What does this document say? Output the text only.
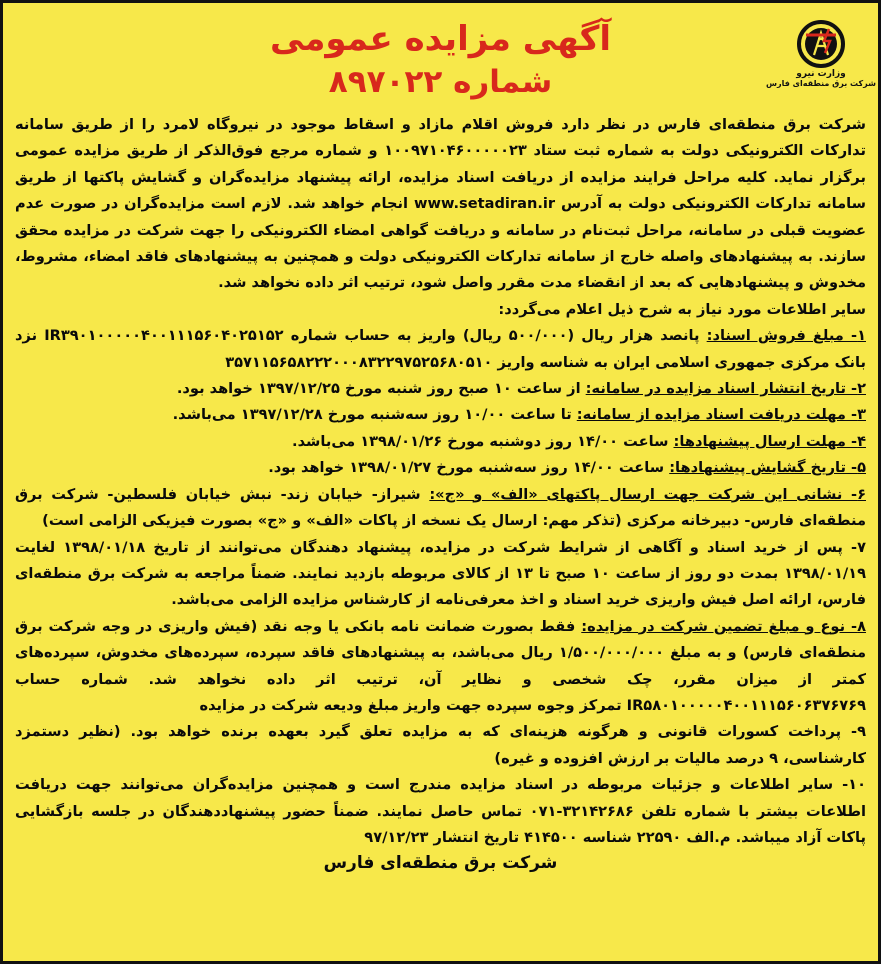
وزارت نیرو
شرکت برق منطقه‌ای فارس
آگهی مزایده عمومی
شماره ۸۹۷۰۲۲

شرکت برق منطقه‌ای فارس در نظر دارد فروش اقلام مازاد و اسقاط موجود در نیروگاه لامرد را از طریق سامانه تدارکات الکترونیکی دولت به شماره ثبت ستاد ۱۰۰۹۷۱۰۴۶۰۰۰۰۰۲۳ و شماره مرجع فوق‌الذکر از طریق مزایده عمومی برگزار نماید. کلیه مراحل فرایند مزایده از دریافت اسناد مزایده، ارائه پیشنهاد مزایده‌گران و گشایش پاکتها از طریق سامانه تدارکات الکترونیکی دولت به آدرس www.setadiran.ir انجام خواهد شد. لازم است مزایده‌گران در صورت عدم عضویت قبلی در سامانه، مراحل ثبت‌نام در سامانه و دریافت گواهی امضاء الکترونیکی را جهت شرکت در مزایده محقق سازند. به پیشنهادهای واصله خارج از سامانه تدارکات الکترونیکی دولت و همچنین به پیشنهادهای فاقد امضاء، مشروط، مخدوش و پیشنهادهایی که بعد از انقضاء مدت مقرر واصل شود، ترتیب اثر داده نخواهد شد.

سایر اطلاعات مورد نیاز به شرح ذیل اعلام می‌گردد:

۱- مبلغ فروش اسناد: پانصد هزار ریال (۵۰۰/۰۰۰ ریال) واریز به حساب شماره IR۳۹۰۱۰۰۰۰۰۴۰۰۱۱۱۵۶۰۴۰۲۵۱۵۲ نزد بانک مرکزی جمهوری اسلامی ایران به شناسه واریز ۳۵۷۱۱۵۶۵۸۲۲۲۰۰۰۸۳۲۲۹۷۵۲۵۶۸۰۵۱۰

۲- تاریخ انتشار اسناد مزایده در سامانه: از ساعت ۱۰ صبح روز شنبه مورخ ۱۳۹۷/۱۲/۲۵ خواهد بود.

۳- مهلت دریافت اسناد مزایده از سامانه: تا ساعت ۱۰/۰۰ روز سه‌شنبه مورخ ۱۳۹۷/۱۲/۲۸ می‌باشد.

۴- مهلت ارسال پیشنهادها: ساعت ۱۴/۰۰ روز دوشنبه مورخ ۱۳۹۸/۰۱/۲۶ می‌باشد.

۵- تاریخ گشایش پیشنهادها: ساعت ۱۴/۰۰ روز سه‌شنبه مورخ ۱۳۹۸/۰۱/۲۷ خواهد بود.

۶- نشانی این شرکت جهت ارسال پاکتهای «الف» و «ج»: شیراز- خیابان زند- نبش خیابان فلسطین- شرکت برق منطقه‌ای فارس- دبیرخانه مرکزی (تذکر مهم: ارسال یک نسخه از پاکات «الف» و «ج» بصورت فیزیکی الزامی است)

۷- پس از خرید اسناد و آگاهی از شرایط شرکت در مزایده، پیشنهاد دهندگان می‌توانند از تاریخ ۱۳۹۸/۰۱/۱۸ لغایت ۱۳۹۸/۰۱/۱۹ بمدت دو روز از ساعت ۱۰ صبح تا ۱۳ از کالای مربوطه بازدید نمایند. ضمناً مراجعه به شرکت برق منطقه‌ای فارس، ارائه اصل فیش واریزی خرید اسناد و اخذ معرفی‌نامه از کارشناس مزایده الزامی می‌باشد.

۸- نوع و مبلغ تضمین شرکت در مزایده: فقط بصورت ضمانت نامه بانکی یا وجه نقد (فیش واریزی در وجه شرکت برق منطقه‌ای فارس) و به مبلغ ۱/۵۰۰/۰۰۰/۰۰۰ ریال می‌باشد، به پیشنهادهای فاقد سپرده، سپرده‌های مخدوش، سپرده‌های کمتر از میزان مقرر، چک شخصی و نظایر آن، ترتیب اثر داده نخواهد شد. شماره حساب IR۵۸۰۱۰۰۰۰۰۴۰۰۱۱۱۵۶۰۶۳۷۶۷۶۹ تمرکز وجوه سپرده جهت واریز مبلغ ودیعه شرکت در مزایده

۹- پرداخت کسورات قانونی و هرگونه هزینه‌ای که به مزایده تعلق گیرد بعهده برنده خواهد بود. (نظیر دستمزد کارشناسی، ۹ درصد مالیات بر ارزش افزوده و غیره)

۱۰- سایر اطلاعات و جزئیات مربوطه در اسناد مزایده مندرج است و همچنین مزایده‌گران می‌توانند جهت دریافت اطلاعات بیشتر با شماره تلفن ۳۲۱۴۲۶۸۶-۰۷۱ تماس حاصل نمایند. ضمناً حضور پیشنهاددهندگان در جلسه بازگشایی پاکات آزاد میباشد. م.الف ۲۲۵۹۰ شناسه ۴۱۴۵۰۰ تاریخ انتشار ۹۷/۱۲/۲۳

شرکت برق منطقه‌ای فارس
